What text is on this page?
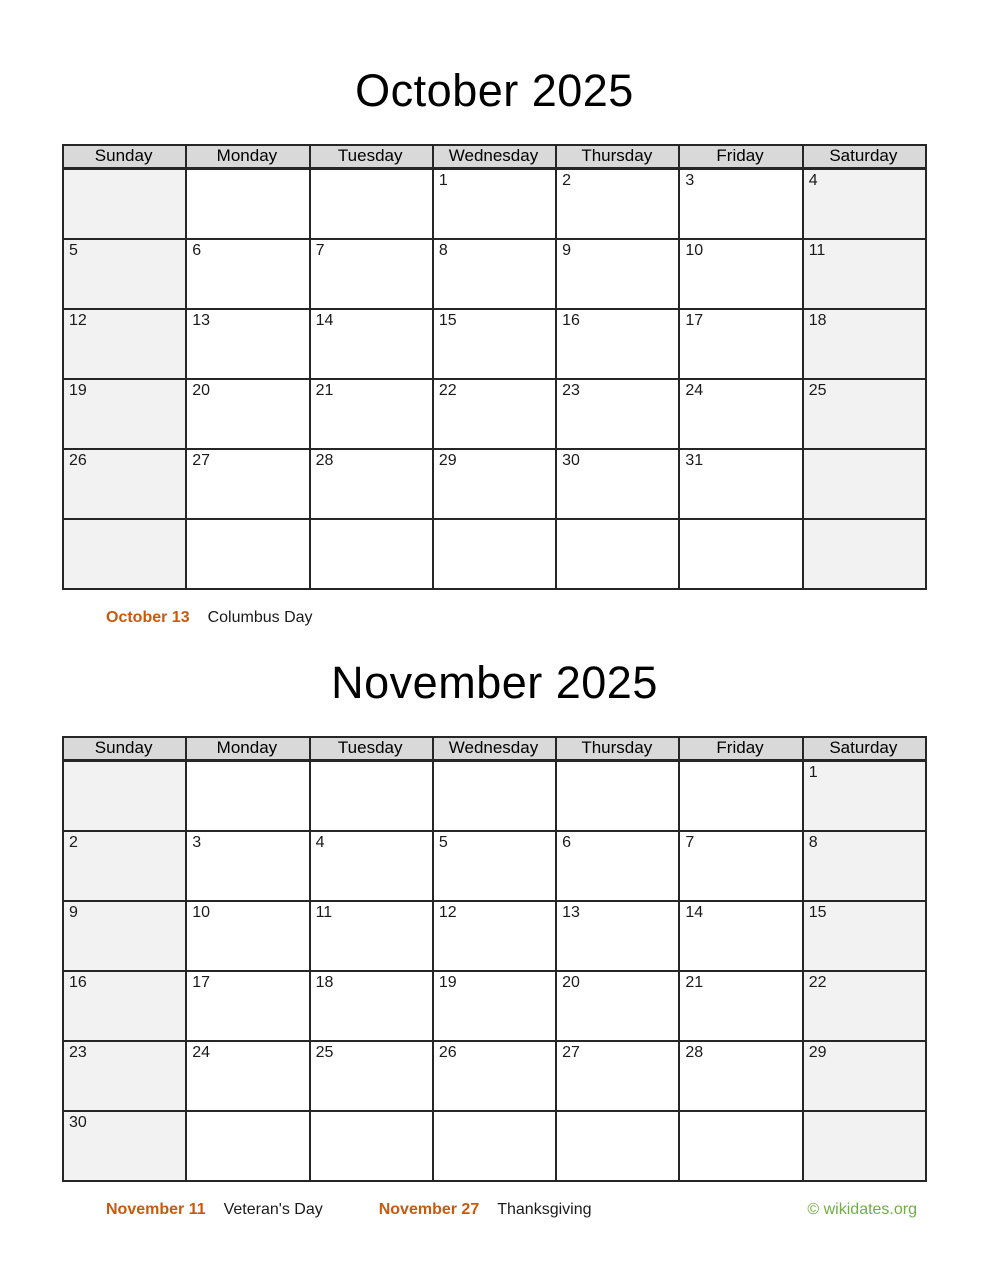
October 2025
Sunday	Monday	Tuesday	Wednesday	Thursday	Friday	Saturday
			1	2	3	4
5	6	7	8	9	10	11
12	13	14	15	16	17	18
19	20	21	22	23	24	25
26	27	28	29	30	31	

October 13 Columbus Day
November 2025
Sunday	Monday	Tuesday	Wednesday	Thursday	Friday	Saturday
						1
2	3	4	5	6	7	8
9	10	11	12	13	14	15
16	17	18	19	20	21	22
23	24	25	26	27	28	29
30						
November 11 Veteran's Day	November 27 Thanksgiving	© wikidates.org
